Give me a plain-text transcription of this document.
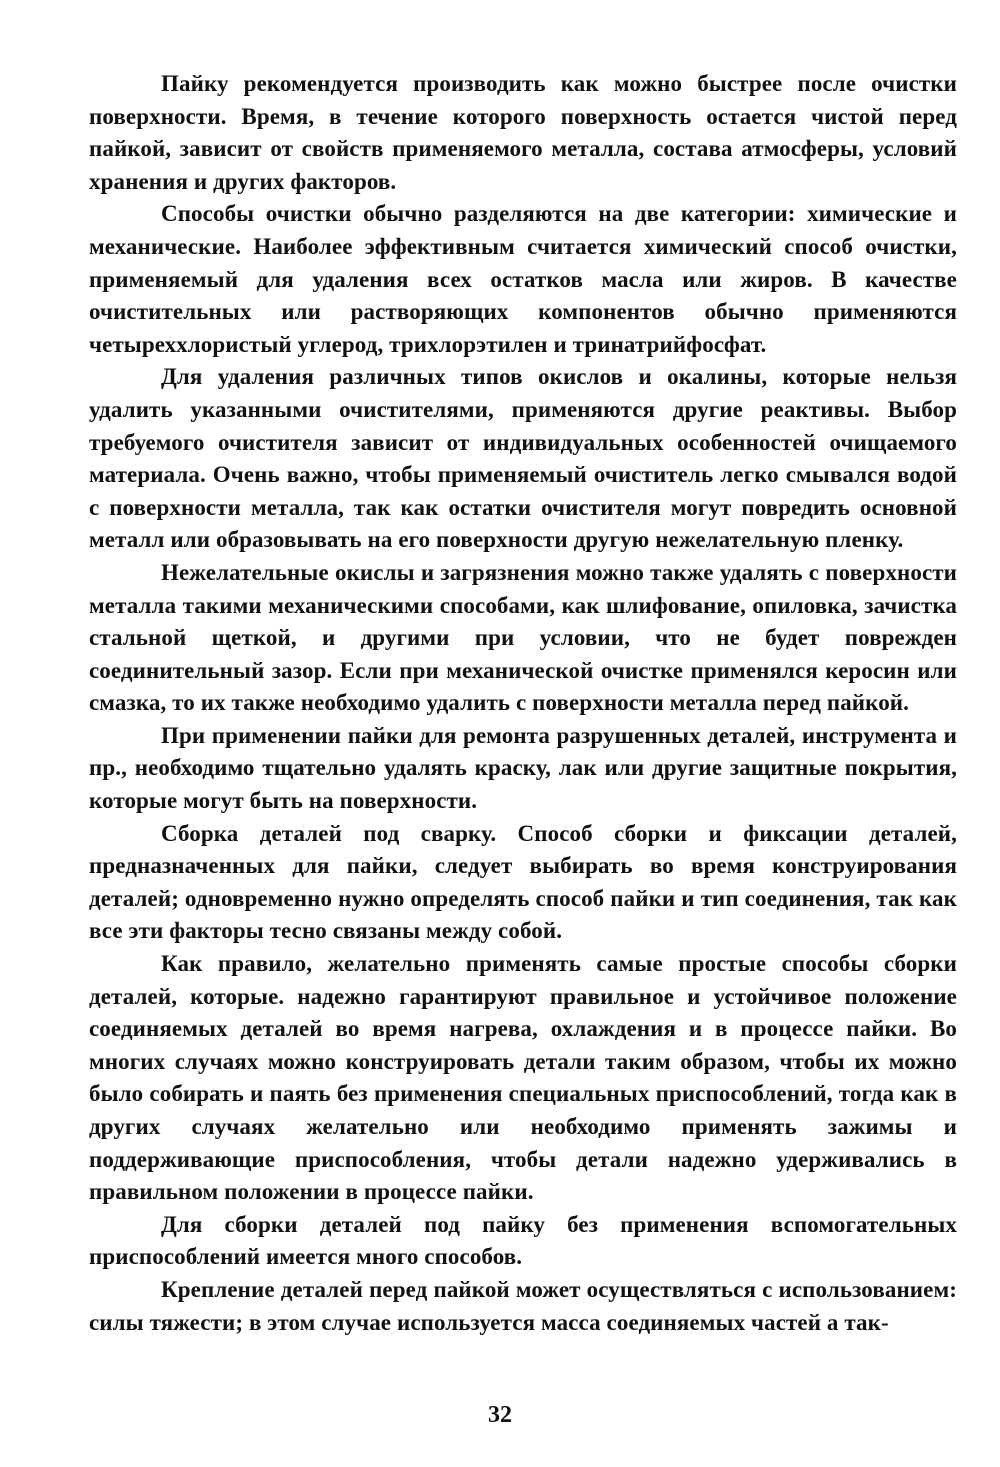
Пайку рекомендуется производить как можно быстрее после очистки поверхности. Время, в течение которого поверхность остается чистой перед пайкой, зависит от свойств применяемого металла, состава атмосферы, условий хранения и других факторов.

Способы очистки обычно разделяются на две категории: химические и механические. Наиболее эффективным считается химический способ очистки, применяемый для удаления всех остатков масла или жиров. В качестве очистительных или растворяющих компонентов обычно применяются четыреххлористый углерод, трихлорэтилен и тринатрийфосфат.

Для удаления различных типов окислов и окалины, которые нельзя удалить указанными очистителями, применяются другие реактивы. Выбор требуемого очистителя зависит от индивидуальных особенностей очищаемого материала. Очень важно, чтобы применяемый очиститель легко смывался водой с поверхности металла, так как остатки очистителя могут повредить основной металл или образовывать на его поверхности другую нежелательную пленку.

Нежелательные окислы и загрязнения можно также удалять с поверхности металла такими механическими способами, как шлифование, опиловка, зачистка стальной щеткой, и другими при условии, что не будет поврежден соединительный зазор. Если при механической очистке применялся керосин или смазка, то их также необходимо удалить с поверхности металла перед пайкой.

При применении пайки для ремонта разрушенных деталей, инструмента и пр., необходимо тщательно удалять краску, лак или другие защитные покрытия, которые могут быть на поверхности.

Сборка деталей под сварку. Способ сборки и фиксации деталей, предназначенных для пайки, следует выбирать во время конструирования деталей; одновременно нужно определять способ пайки и тип соединения, так как все эти факторы тесно связаны между собой.

Как правило, желательно применять самые простые способы сборки деталей, которые. надежно гарантируют правильное и устойчивое положение соединяемых деталей во время нагрева, охлаждения и в процессе пайки. Во многих случаях можно конструировать детали таким образом, чтобы их можно было собирать и паять без применения специальных приспособлений, тогда как в других случаях желательно или необходимо применять зажимы и поддерживающие приспособления, чтобы детали надежно удерживались в правильном положении в процессе пайки.

Для сборки деталей под пайку без применения вспомогательных приспособлений имеется много способов.

Крепление деталей перед пайкой может осуществляться с использованием: силы тяжести; в этом случае используется масса соединяемых частей а так-

32
